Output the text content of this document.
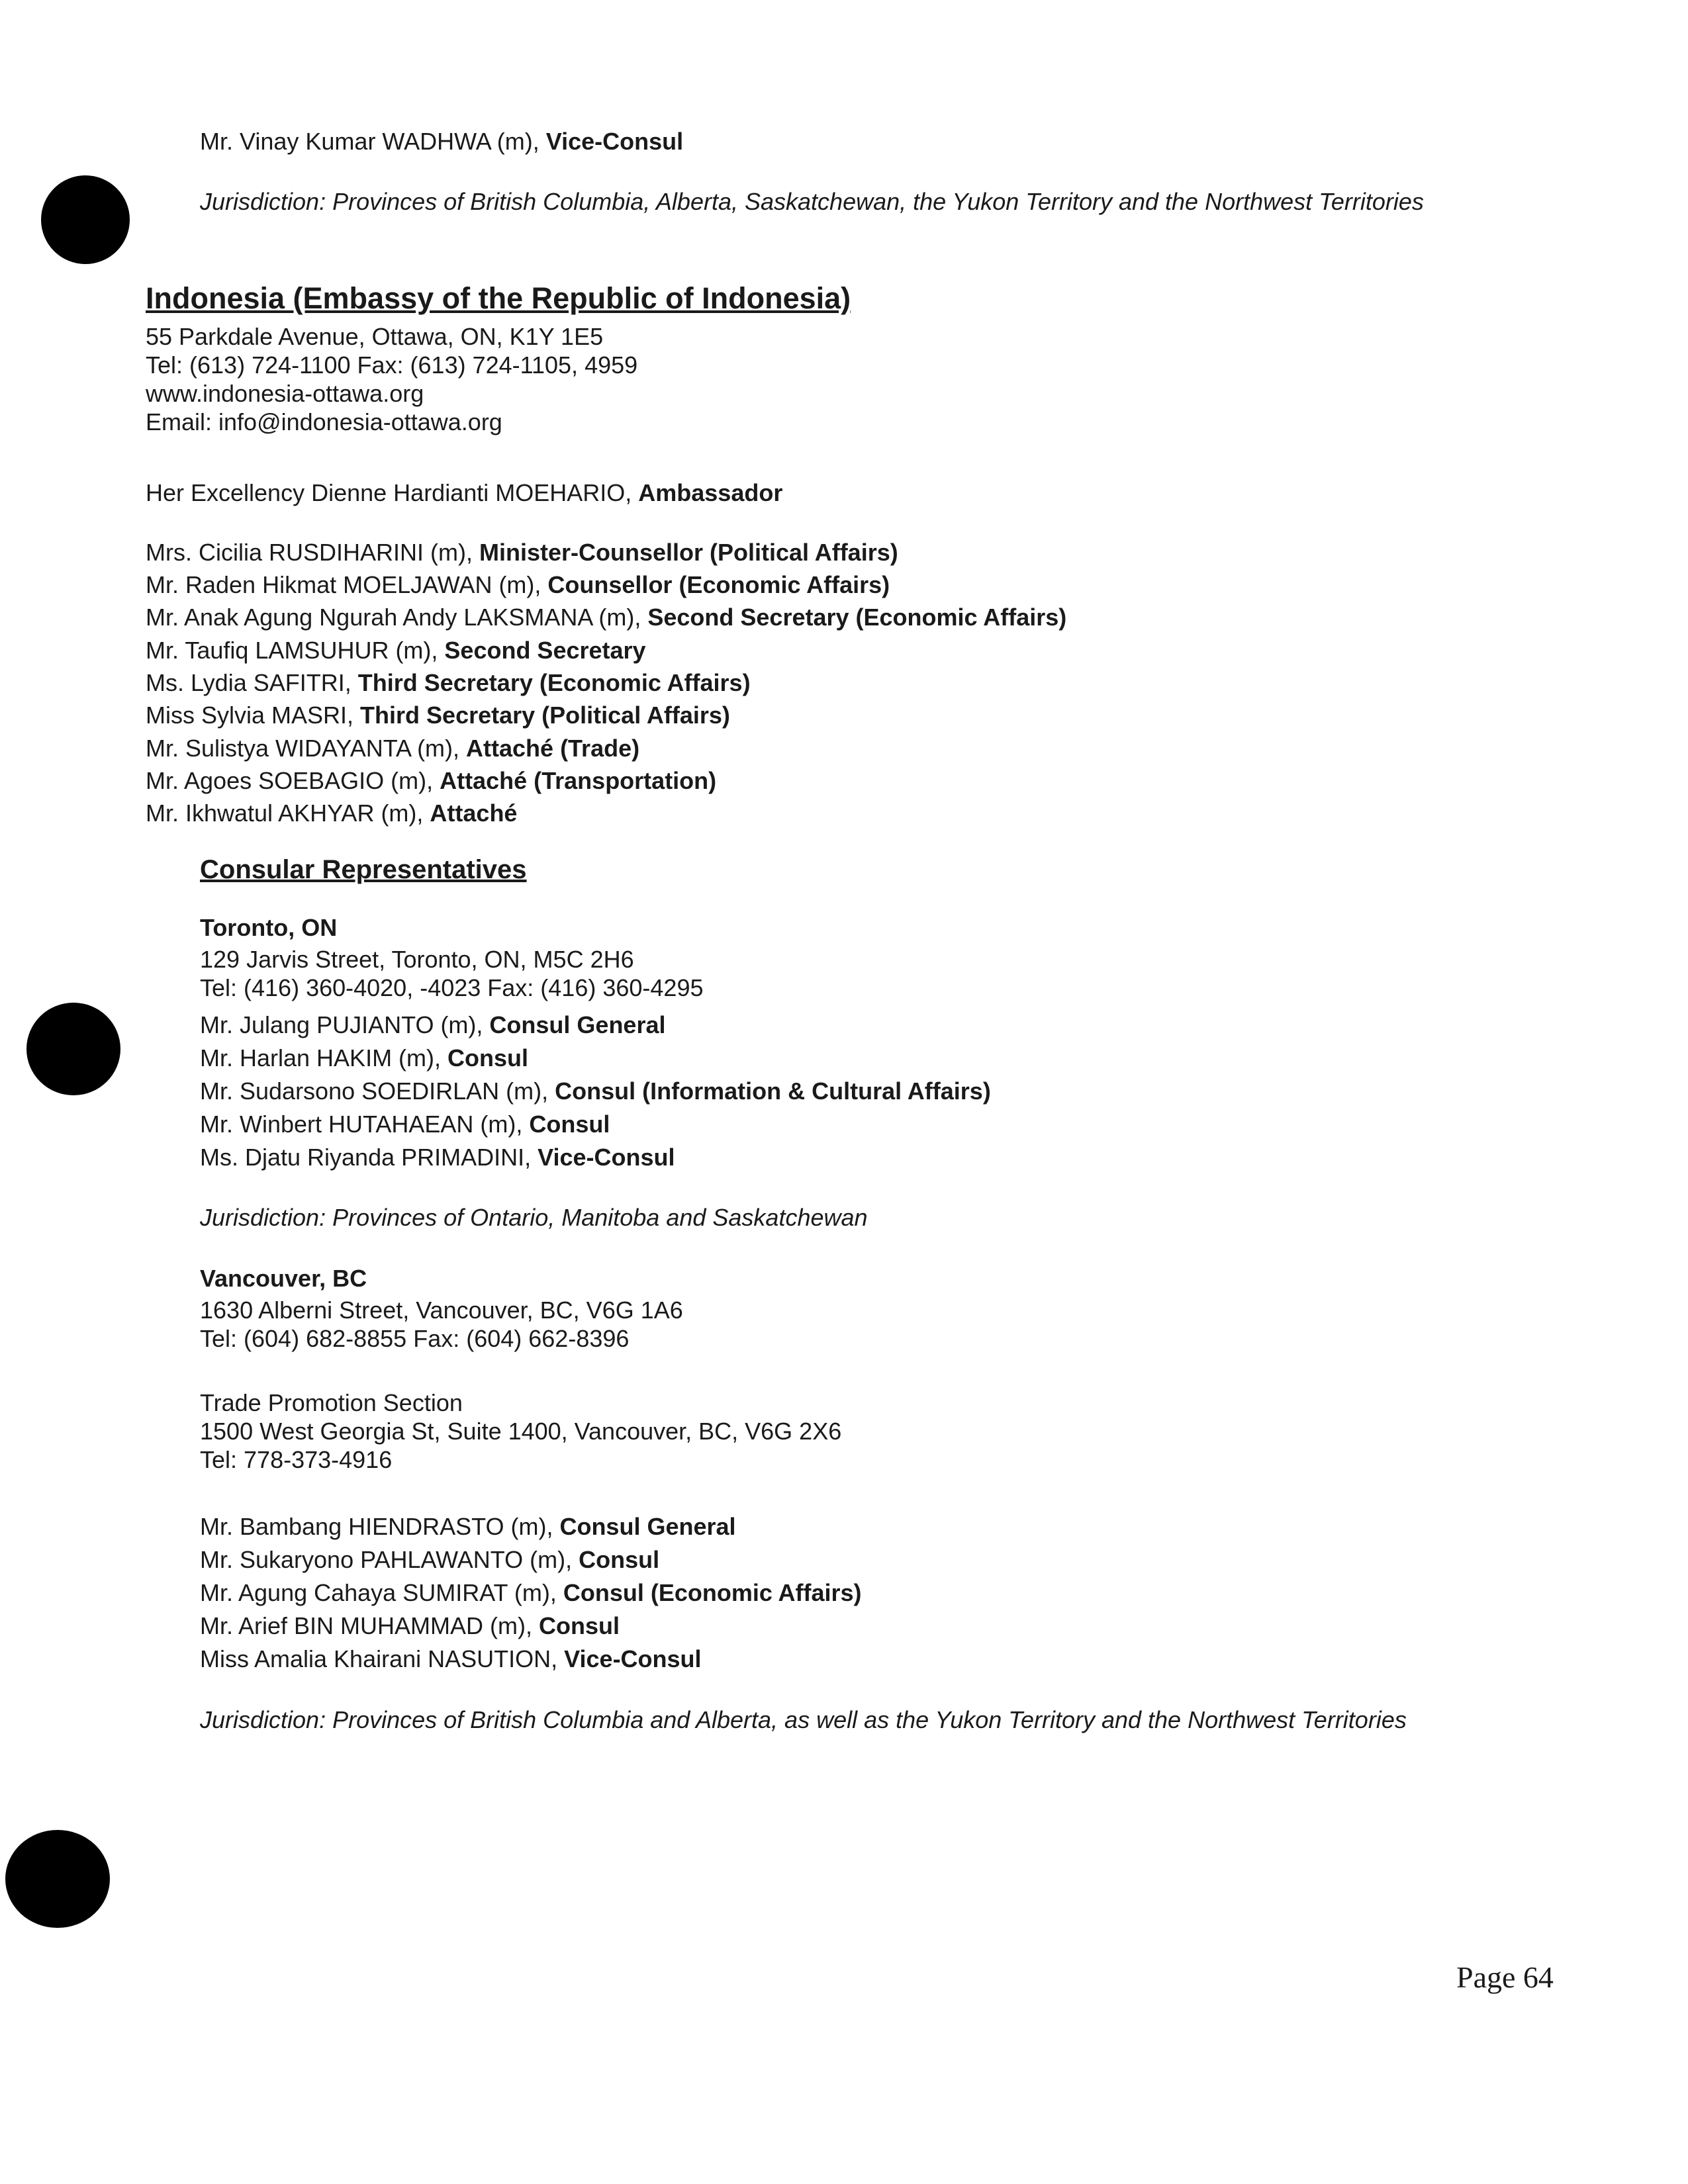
Mr. Vinay Kumar WADHWA (m), Vice-Consul
Jurisdiction: Provinces of British Columbia, Alberta, Saskatchewan, the Yukon Territory and the Northwest Territories
Indonesia (Embassy of the Republic of Indonesia)
55 Parkdale Avenue, Ottawa, ON, K1Y 1E5
Tel: (613) 724-1100 Fax: (613) 724-1105, 4959
www.indonesia-ottawa.org
Email: info@indonesia-ottawa.org
Her Excellency Dienne Hardianti MOEHARIO, Ambassador
Mrs. Cicilia RUSDIHARINI (m), Minister-Counsellor (Political Affairs)
Mr. Raden Hikmat MOELJAWAN (m), Counsellor (Economic Affairs)
Mr. Anak Agung Ngurah Andy LAKSMANA (m), Second Secretary (Economic Affairs)
Mr. Taufiq LAMSUHUR (m), Second Secretary
Ms. Lydia SAFITRI, Third Secretary (Economic Affairs)
Miss Sylvia MASRI, Third Secretary (Political Affairs)
Mr. Sulistya WIDAYANTA (m), Attaché (Trade)
Mr. Agoes SOEBAGIO (m), Attaché (Transportation)
Mr. Ikhwatul AKHYAR (m), Attaché
Consular Representatives
Toronto, ON
129 Jarvis Street, Toronto, ON, M5C 2H6
Tel: (416) 360-4020, -4023 Fax: (416) 360-4295
Mr. Julang PUJIANTO (m), Consul General
Mr. Harlan HAKIM (m), Consul
Mr. Sudarsono SOEDIRLAN (m), Consul (Information & Cultural Affairs)
Mr. Winbert HUTAHAEAN (m), Consul
Ms. Djatu Riyanda PRIMADINI, Vice-Consul
Jurisdiction: Provinces of Ontario, Manitoba and Saskatchewan
Vancouver, BC
1630 Alberni Street, Vancouver, BC, V6G 1A6
Tel: (604) 682-8855 Fax: (604) 662-8396
Trade Promotion Section
1500 West Georgia St, Suite 1400, Vancouver, BC, V6G 2X6
Tel: 778-373-4916
Mr. Bambang HIENDRASTO (m), Consul General
Mr. Sukaryono PAHLAWANTO (m), Consul
Mr. Agung Cahaya SUMIRAT (m), Consul (Economic Affairs)
Mr. Arief BIN MUHAMMAD (m), Consul
Miss Amalia Khairani NASUTION, Vice-Consul
Jurisdiction: Provinces of British Columbia and Alberta, as well as the Yukon Territory and the Northwest Territories
Page 64
